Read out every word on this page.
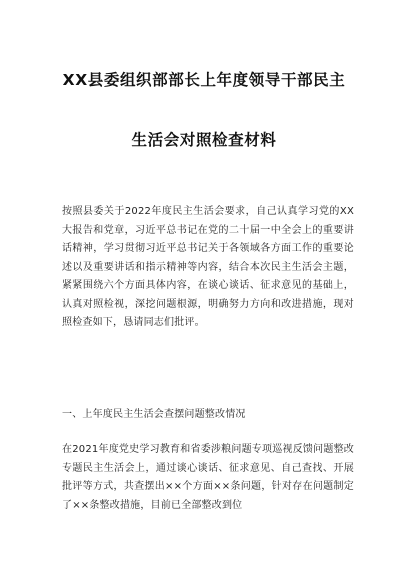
XX县委组织部部长上年度领导干部民主
生活会对照检查材料

按照县委关于2022年度民主生活会要求，自己认真学习党的XX大报告和党章，习近平总书记在党的二十届一中全会上的重要讲话精神，学习贯彻习近平总书记关于各领域各方面工作的重要论述以及重要讲话和指示精神等内容，结合本次民主生活会主题，紧紧围绕六个方面具体内容，在谈心谈话、征求意见的基础上，认真对照检视，深挖问题根源，明确努力方向和改进措施，现对照检查如下，恳请同志们批评。

一、上年度民主生活会查摆问题整改情况

在2021年度党史学习教育和省委涉粮问题专项巡视反馈问题整改专题民主生活会上，通过谈心谈话、征求意见、自己查找、开展批评等方式，共查摆出××个方面××条问题，针对存在问题制定了××条整改措施，目前已全部整改到位
